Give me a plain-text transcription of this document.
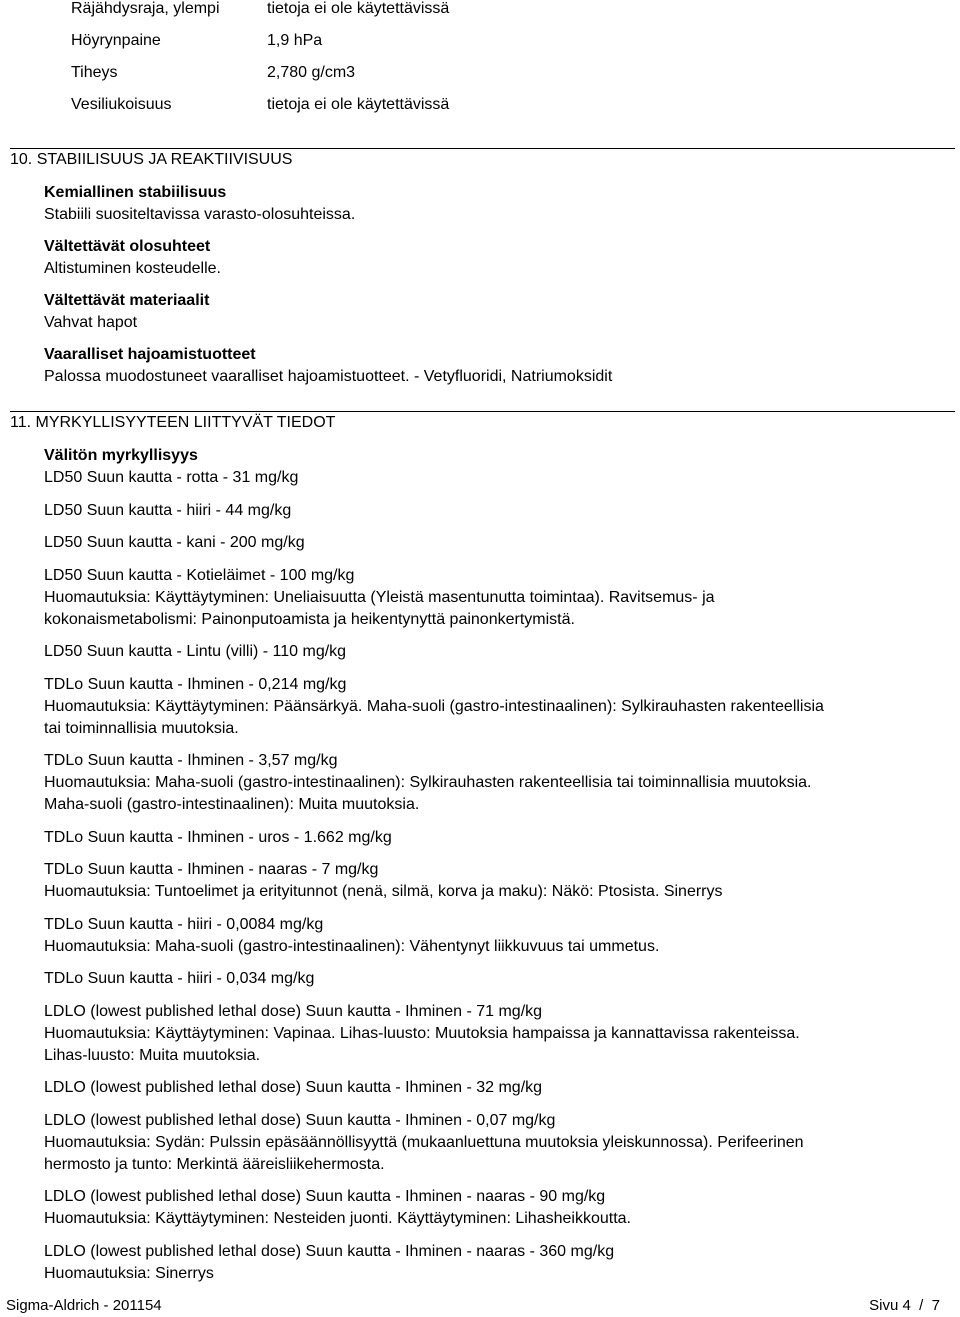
Räjähdysraja, ylempi	tietoja ei ole käytettävissä
Höyrynpaine	1,9 hPa
Tiheys	2,780 g/cm3
Vesiliukoisuus	tietoja ei ole käytettävissä
10. STABIILISUUS JA REAKTIIVISUUS
Kemiallinen stabiilisuus
Stabiili suositeltavissa varasto-olosuhteissa.
Vältettävät olosuhteet
Altistuminen kosteudelle.
Vältettävät materiaalit
Vahvat hapot
Vaaralliset hajoamistuotteet
Palossa muodostuneet vaaralliset hajoamistuotteet. - Vetyfluoridi, Natriumoksidit
11. MYRKYLLISYYTEEN LIITTYVÄT TIEDOT
Välitön myrkyllisyys
LD50 Suun kautta - rotta - 31 mg/kg
LD50 Suun kautta - hiiri - 44 mg/kg
LD50 Suun kautta - kani - 200 mg/kg
LD50 Suun kautta - Kotieläimet - 100 mg/kg
Huomautuksia: Käyttäytyminen: Uneliaisuutta (Yleistä masentunutta toimintaa). Ravitsemus- ja
kokonaismetabolismi: Painonputoamista ja heikentynyttä painonkertymistä.
LD50 Suun kautta - Lintu (villi) - 110 mg/kg
TDLo Suun kautta - Ihminen - 0,214 mg/kg
Huomautuksia: Käyttäytyminen: Päänsärkyä. Maha-suoli (gastro-intestinaalinen): Sylkirauhasten rakenteellisia
tai toiminnallisia muutoksia.
TDLo Suun kautta - Ihminen - 3,57 mg/kg
Huomautuksia: Maha-suoli (gastro-intestinaalinen): Sylkirauhasten rakenteellisia tai toiminnallisia muutoksia.
Maha-suoli (gastro-intestinaalinen): Muita muutoksia.
TDLo Suun kautta - Ihminen - uros - 1.662 mg/kg
TDLo Suun kautta - Ihminen - naaras - 7 mg/kg
Huomautuksia: Tuntoelimet ja erityitunnot (nenä, silmä, korva ja maku): Näkö: Ptosista. Sinerrys
TDLo Suun kautta - hiiri - 0,0084 mg/kg
Huomautuksia: Maha-suoli (gastro-intestinaalinen): Vähentynyt liikkuvuus tai ummetus.
TDLo Suun kautta - hiiri - 0,034 mg/kg
LDLO (lowest published lethal dose) Suun kautta - Ihminen - 71 mg/kg
Huomautuksia: Käyttäytyminen: Vapinaa. Lihas-luusto: Muutoksia hampaissa ja kannattavissa rakenteissa.
Lihas-luusto: Muita muutoksia.
LDLO (lowest published lethal dose) Suun kautta - Ihminen - 32 mg/kg
LDLO (lowest published lethal dose) Suun kautta - Ihminen - 0,07 mg/kg
Huomautuksia: Sydän: Pulssin epäsäännöllisyyttä (mukaanluettuna muutoksia yleiskunnossa). Perifeerinen
hermosto ja tunto: Merkintä ääreisliikehermosta.
LDLO (lowest published lethal dose) Suun kautta - Ihminen - naaras - 90 mg/kg
Huomautuksia: Käyttäytyminen: Nesteiden juonti. Käyttäytyminen: Lihasheikkoutta.
LDLO (lowest published lethal dose) Suun kautta - Ihminen - naaras - 360 mg/kg
Huomautuksia: Sinerrys
Sigma-Aldrich - 201154	Sivu 4  /  7
